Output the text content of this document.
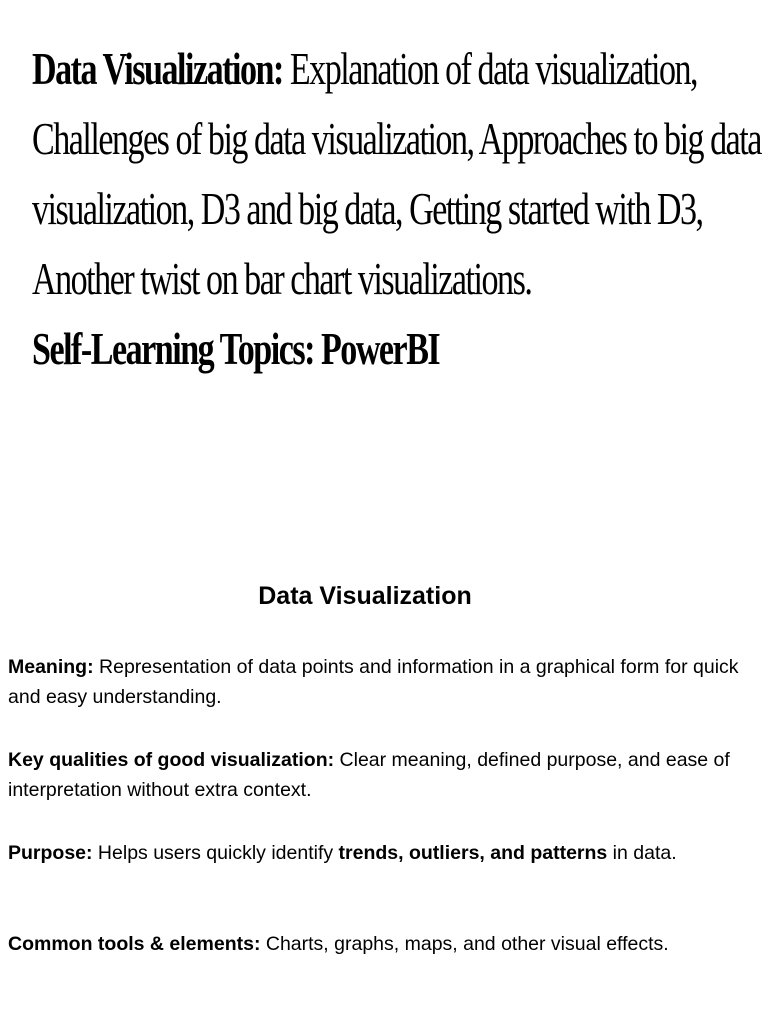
Data Visualization: Explanation of data visualization,
Challenges of big data visualization, Approaches to big data
visualization, D3 and big data, Getting started with D3,
Another twist on bar chart visualizations.
Self-Learning Topics: PowerBI
Data Visualization
Meaning: Representation of data points and information in a graphical form for quick and easy understanding.
Key qualities of good visualization: Clear meaning, defined purpose, and ease of interpretation without extra context.
Purpose: Helps users quickly identify trends, outliers, and patterns in data.
Common tools & elements: Charts, graphs, maps, and other visual effects.
